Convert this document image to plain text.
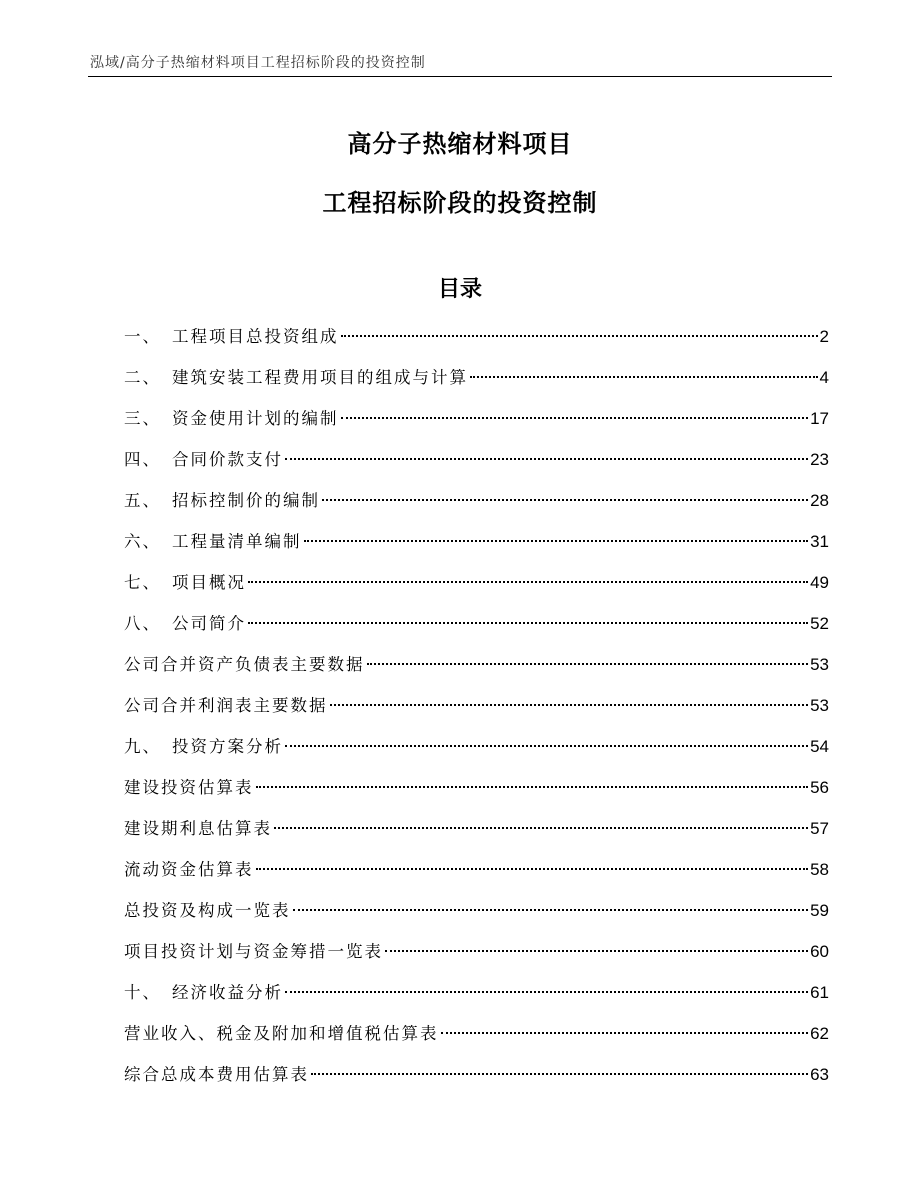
泓域/高分子热缩材料项目工程招标阶段的投资控制
高分子热缩材料项目
工程招标阶段的投资控制
目录
一、 工程项目总投资组成	2
二、 建筑安装工程费用项目的组成与计算	4
三、 资金使用计划的编制	17
四、 合同价款支付	23
五、 招标控制价的编制	28
六、 工程量清单编制	31
七、 项目概况	49
八、 公司简介	52
公司合并资产负债表主要数据	53
公司合并利润表主要数据	53
九、 投资方案分析	54
建设投资估算表	56
建设期利息估算表	57
流动资金估算表	58
总投资及构成一览表	59
项目投资计划与资金筹措一览表	60
十、 经济收益分析	61
营业收入、税金及附加和增值税估算表	62
综合总成本费用估算表	63
